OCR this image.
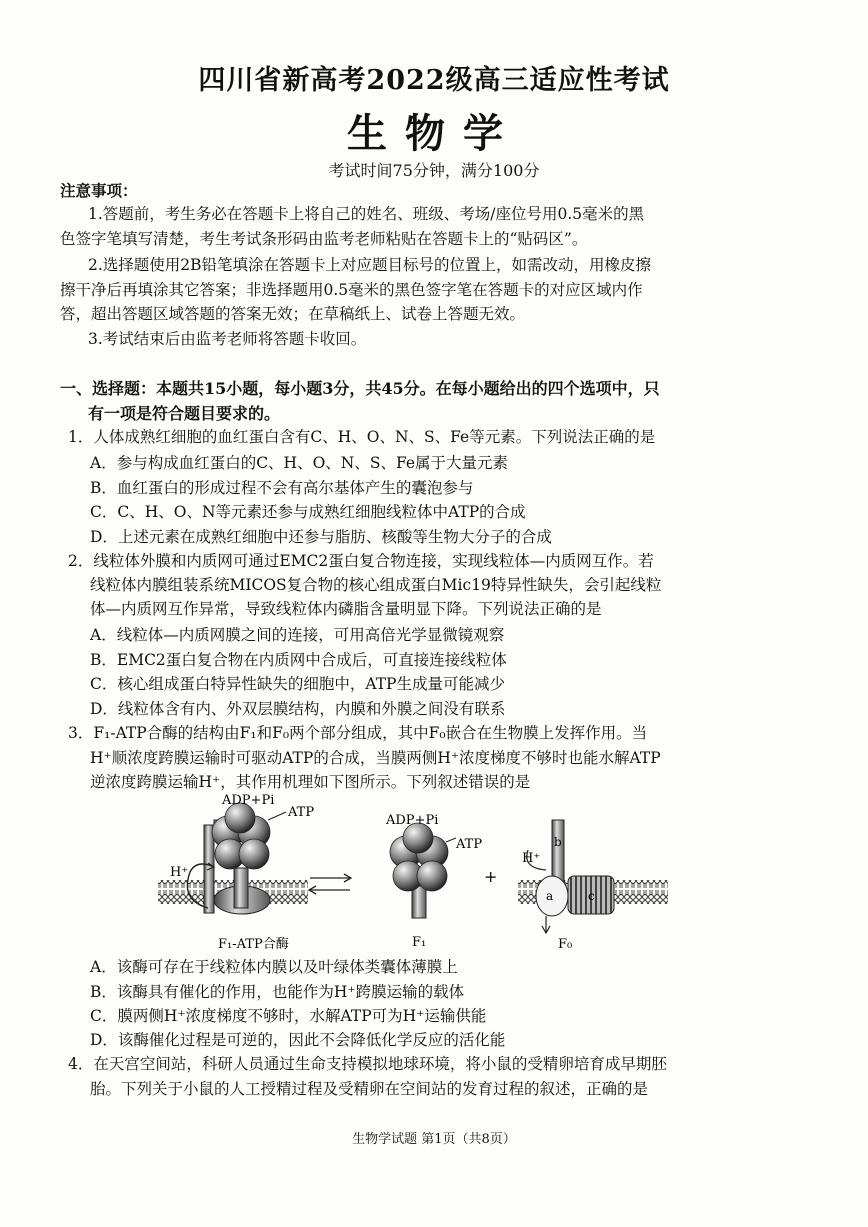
四川省新高考2022级高三适应性考试
生物学
考试时间75分钟，满分100分
注意事项：
1.答题前，考生务必在答题卡上将自己的姓名、班级、考场/座位号用0.5毫米的黑
色签字笔填写清楚，考生考试条形码由监考老师粘贴在答题卡上的“贴码区”。
2.选择题使用2B铅笔填涂在答题卡上对应题目标号的位置上，如需改动，用橡皮擦
擦干净后再填涂其它答案；非选择题用0.5毫米的黑色签字笔在答题卡的对应区域内作
答，超出答题区域答题的答案无效；在草稿纸上、试卷上答题无效。
3.考试结束后由监考老师将答题卡收回。
一、选择题：本题共15小题，每小题3分，共45分。在每小题给出的四个选项中，只
有一项是符合题目要求的。
1．人体成熟红细胞的血红蛋白含有C、H、O、N、S、Fe等元素。下列说法正确的是
A．参与构成血红蛋白的C、H、O、N、S、Fe属于大量元素
B．血红蛋白的形成过程不会有高尔基体产生的囊泡参与
C．C、H、O、N等元素还参与成熟红细胞线粒体中ATP的合成
D．上述元素在成熟红细胞中还参与脂肪、核酸等生物大分子的合成
2．线粒体外膜和内质网可通过EMC2蛋白复合物连接，实现线粒体—内质网互作。若
线粒体内膜组装系统MICOS复合物的核心组成蛋白Mic19特异性缺失，会引起线粒
体—内质网互作异常，导致线粒体内磷脂含量明显下降。下列说法正确的是
A．线粒体—内质网膜之间的连接，可用高倍光学显微镜观察
B．EMC2蛋白复合物在内质网中合成后，可直接连接线粒体
C．核心组成蛋白特异性缺失的细胞中，ATP生成量可能减少
D．线粒体含有内、外双层膜结构，内膜和外膜之间没有联系
3．F₁-ATP合酶的结构由F₁和F₀两个部分组成，其中F₀嵌合在生物膜上发挥作用。当
H⁺顺浓度跨膜运输时可驱动ATP的合成，当膜两侧H⁺浓度梯度不够时也能水解ATP
逆浓度跨膜运输H⁺，其作用机理如下图所示。下列叙述错误的是
ADP+Pi
ATP
H⁺
F₁-ATP合酶
ADP+Pi
ATP
F₁
+
H⁺
b
a	c
F₀
A．该酶可存在于线粒体内膜以及叶绿体类囊体薄膜上
B．该酶具有催化的作用，也能作为H⁺跨膜运输的载体
C．膜两侧H⁺浓度梯度不够时，水解ATP可为H⁺运输供能
D．该酶催化过程是可逆的，因此不会降低化学反应的活化能
4．在天宫空间站，科研人员通过生命支持模拟地球环境，将小鼠的受精卵培育成早期胚
胎。下列关于小鼠的人工授精过程及受精卵在空间站的发育过程的叙述，正确的是
生物学试题 第1页（共8页）
